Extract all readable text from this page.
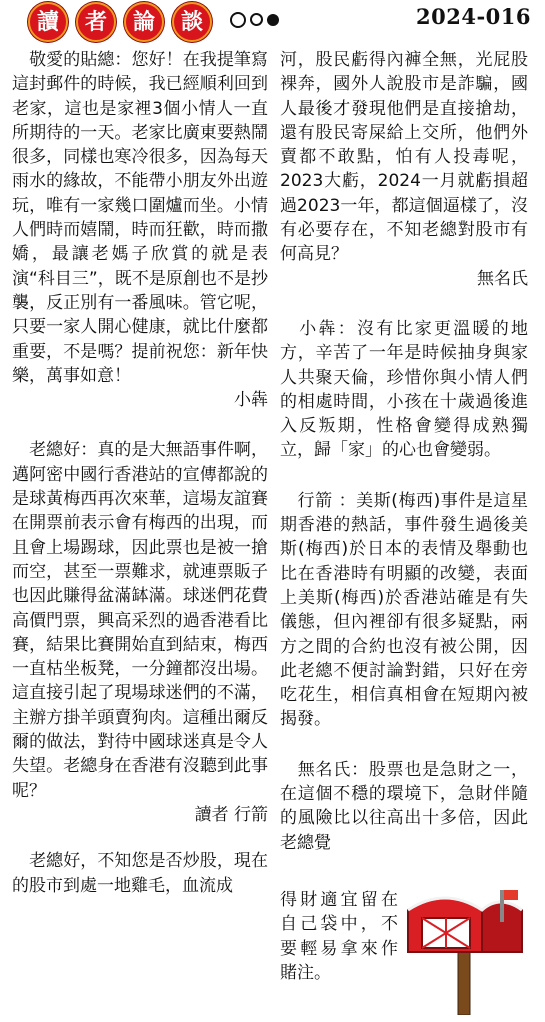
讀	者	論	談	2024-016

敬愛的貼總：您好！在我提筆寫這封郵件的時候，我已經順利回到老家，這也是家裡3個小情人一直所期待的一天。老家比廣東要熱鬧很多，同樣也寒冷很多，因為每天雨水的緣故，不能帶小朋友外出遊玩，唯有一家幾口圍爐而坐。小情人們時而嬉鬧，時而狂歡，時而撒嬌，最讓老媽子欣賞的就是表演“科目三”，既不是原創也不是抄襲，反正別有一番風味。管它呢，只要一家人開心健康，就比什麼都重要，不是嗎？提前祝您：新年快樂，萬事如意！

小犇

老總好：真的是大無語事件啊，邁阿密中國行香港站的宣傳都說的是球黃梅西再次來華，這場友誼賽在開票前表示會有梅西的出現，而且會上場踢球，因此票也是被一搶而空，甚至一票難求，就連票販子也因此賺得盆滿缽滿。球迷們花費高價門票，興高采烈的過香港看比賽，結果比賽開始直到結束，梅西一直枯坐板凳，一分鐘都沒出場。這直接引起了現場球迷們的不滿，主辦方掛羊頭賣狗肉。這種出爾反爾的做法，對待中國球迷真是令人失望。老總身在香港有沒聽到此事呢？

讀者 行箭

老總好，不知您是否炒股，現在的股市到處一地雞毛，血流成

河，股民虧得內褲全無，光屁股裸奔，國外人說股市是詐騙，國人最後才發現他們是直接搶劫，還有股民寄屎給上交所，他們外賣都不敢點，怕有人投毒呢，2023大虧，2024一月就虧損超過2023一年，都這個逼樣了，沒有必要存在，不知老總對股市有何高見？

無名氏

小犇：沒有比家更溫暖的地方，辛苦了一年是時候抽身與家人共聚天倫，珍惜你與小情人們的相處時間，小孩在十歲過後進入反叛期，性格會變得成熟獨立，歸「家」的心也會變弱。

行箭 ：美斯(梅西)事件是這星期香港的熱話，事件發生過後美斯(梅西)於日本的表情及舉動也比在香港時有明顯的改變，表面上美斯(梅西)於香港站確是有失儀態，但內裡卻有很多疑點，兩方之間的合約也沒有被公開，因此老總不便討論對錯，只好在旁吃花生，相信真相會在短期內被揭發。

無名氏：股票也是急財之一，在這個不穩的環境下，急財伴隨的風險比以往高出十多倍，因此老總覺

得財適宜留在自己袋中，不要輕易拿來作賭注。
